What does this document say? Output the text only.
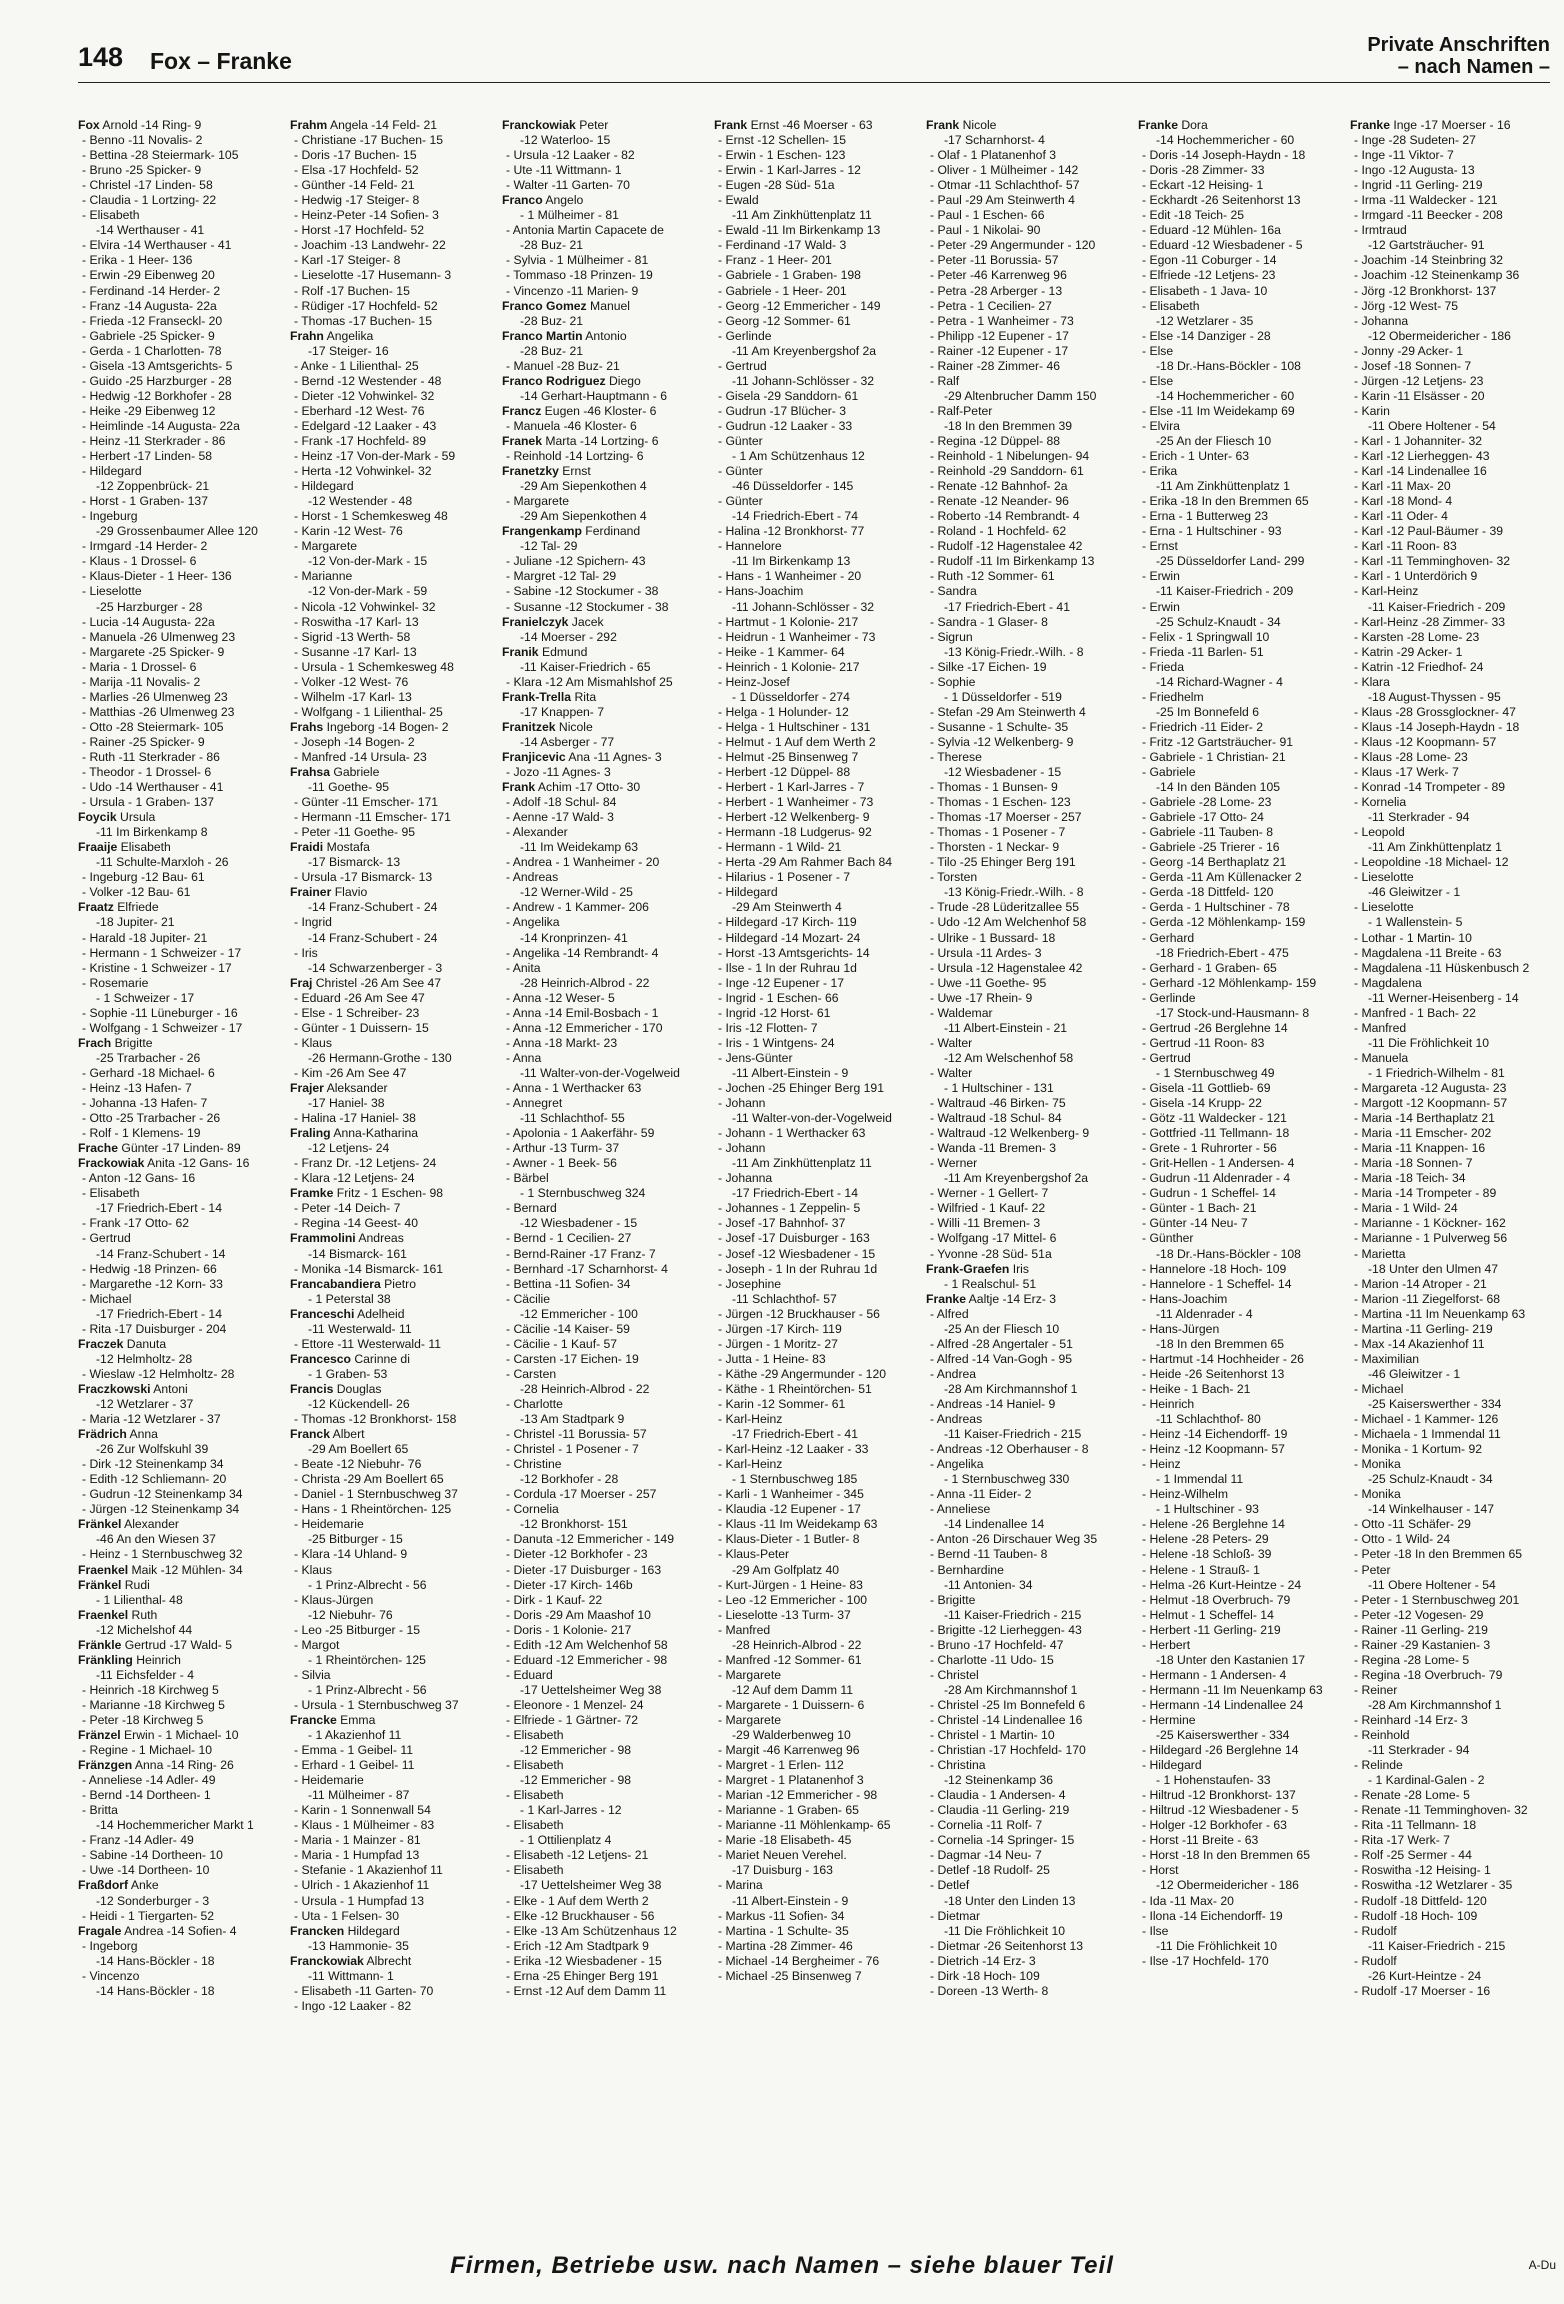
148 Fox – Franke
Private Anschriften
– nach Namen –
Fox Arnold -14 Ring- 9
- Benno -11 Novalis- 2
- Bettina -28 Steiermark- 105
- Bruno -25 Spicker- 9
- Christel -17 Linden- 58
- Claudia - 1 Lortzing- 22
- Elisabeth
-14 Werthauser - 41
- Elvira -14 Werthauser - 41
- Erika - 1 Heer- 136
- Erwin -29 Eibenweg 20
- Ferdinand -14 Herder- 2
- Franz -14 Augusta- 22a
- Frieda -12 Franseckl- 20
- Gabriele -25 Spicker- 9
- Gerda - 1 Charlotten- 78
- Gisela -13 Amtsgerichts- 5
- Guido -25 Harzburger - 28
- Hedwig -12 Borkhofer - 28
- Heike -29 Eibenweg 12
- Heimlinde -14 Augusta- 22a
- Heinz -11 Sterkrader - 86
- Herbert -17 Linden- 58
- Hildegard
-12 Zoppenbrück- 21
- Horst - 1 Graben- 137
- Ingeburg
-29 Grossenbaumer Allee 120
- Irmgard -14 Herder- 2
- Klaus - 1 Drossel- 6
- Klaus-Dieter - 1 Heer- 136
- Lieselotte
-25 Harzburger - 28
- Lucia -14 Augusta- 22a
- Manuela -26 Ulmenweg 23
- Margarete -25 Spicker- 9
- Maria - 1 Drossel- 6
- Marija -11 Novalis- 2
- Marlies -26 Ulmenweg 23
- Matthias -26 Ulmenweg 23
- Otto -28 Steiermark- 105
- Rainer -25 Spicker- 9
- Ruth -11 Sterkrader - 86
- Theodor - 1 Drossel- 6
- Udo -14 Werthauser - 41
- Ursula - 1 Graben- 137
Foycik Ursula
-11 Im Birkenkamp 8
Fraaije Elisabeth
-11 Schulte-Marxloh - 26
- Ingeburg -12 Bau- 61
- Volker -12 Bau- 61
Fraatz Elfriede
-18 Jupiter- 21
- Harald -18 Jupiter- 21
- Hermann - 1 Schweizer - 17
- Kristine - 1 Schweizer - 17
- Rosemarie
- 1 Schweizer - 17
- Sophie -11 Lüneburger - 16
- Wolfgang - 1 Schweizer - 17
Frach Brigitte
-25 Trarbacher - 26
- Gerhard -18 Michael- 6
- Heinz -13 Hafen- 7
- Johanna -13 Hafen- 7
- Otto -25 Trarbacher - 26
- Rolf - 1 Klemens- 19
Frache Günter -17 Linden- 89
Frackowiak Anita -12 Gans- 16
- Anton -12 Gans- 16
- Elisabeth
-17 Friedrich-Ebert - 14
- Frank -17 Otto- 62
- Gertrud
-14 Franz-Schubert - 14
- Hedwig -18 Prinzen- 66
- Margarethe -12 Korn- 33
- Michael
-17 Friedrich-Ebert - 14
- Rita -17 Duisburger - 204
Fraczek Danuta
-12 Helmholtz- 28
- Wieslaw -12 Helmholtz- 28
Fraczkowski Antoni
-12 Wetzlarer - 37
- Maria -12 Wetzlarer - 37
Frädrich Anna
-26 Zur Wolfskuhl 39
- Dirk -12 Steinenkamp 34
- Edith -12 Schliemann- 20
- Gudrun -12 Steinenkamp 34
- Jürgen -12 Steinenkamp 34
Fränkel Alexander
-46 An den Wiesen 37
- Heinz - 1 Sternbuschweg 32
Fraenkel Maik -12 Mühlen- 34
Fränkel Rudi
- 1 Lilienthal- 48
Fraenkel Ruth
-12 Michelshof 44
Fränkle Gertrud -17 Wald- 5
Fränkling Heinrich
-11 Eichsfelder - 4
- Heinrich -18 Kirchweg 5
- Marianne -18 Kirchweg 5
- Peter -18 Kirchweg 5
Fränzel Erwin - 1 Michael- 10
- Regine - 1 Michael- 10
Fränzgen Anna -14 Ring- 26
- Anneliese -14 Adler- 49
- Bernd -14 Dortheen- 1
- Britta
-14 Hochemmericher Markt 1
- Franz -14 Adler- 49
- Sabine -14 Dortheen- 10
- Uwe -14 Dortheen- 10
Fraßdorf Anke
-12 Sonderburger - 3
- Heidi - 1 Tiergarten- 52
Fragale Andrea -14 Sofien- 4
- Ingeborg
-14 Hans-Böckler - 18
- Vincenzo
-14 Hans-Böckler - 18
Frahm Angela -14 Feld- 21
- Christiane -17 Buchen- 15
- Doris -17 Buchen- 15
- Elsa -17 Hochfeld- 52
- Günther -14 Feld- 21
- Hedwig -17 Steiger- 8
- Heinz-Peter -14 Sofien- 3
- Horst -17 Hochfeld- 52
- Joachim -13 Landwehr- 22
- Karl -17 Steiger- 8
- Lieselotte -17 Husemann- 3
- Rolf -17 Buchen- 15
- Rüdiger -17 Hochfeld- 52
- Thomas -17 Buchen- 15
Frahn Angelika
-17 Steiger- 16
- Anke - 1 Lilienthal- 25
- Bernd -12 Westender - 48
- Dieter -12 Vohwinkel- 32
- Eberhard -12 West- 76
- Edelgard -12 Laaker - 43
- Frank -17 Hochfeld- 89
- Heinz -17 Von-der-Mark - 59
- Herta -12 Vohwinkel- 32
- Hildegard
-12 Westender - 48
- Horst - 1 Schemkesweg 48
- Karin -12 West- 76
- Margarete
-12 Von-der-Mark - 15
- Marianne
-12 Von-der-Mark - 59
- Nicola -12 Vohwinkel- 32
- Roswitha -17 Karl- 13
- Sigrid -13 Werth- 58
- Susanne -17 Karl- 13
- Ursula - 1 Schemkesweg 48
- Volker -12 West- 76
- Wilhelm -17 Karl- 13
- Wolfgang - 1 Lilienthal- 25
Frahs Ingeborg -14 Bogen- 2
- Joseph -14 Bogen- 2
- Manfred -14 Ursula- 23
Frahsa Gabriele
-11 Goethe- 95
- Günter -11 Emscher- 171
- Hermann -11 Emscher- 171
- Peter -11 Goethe- 95
Fraidi Mostafa
-17 Bismarck- 13
- Ursula -17 Bismarck- 13
Frainer Flavio
-14 Franz-Schubert - 24
- Ingrid
-14 Franz-Schubert - 24
- Iris
-14 Schwarzenberger - 3
Fraj Christel -26 Am See 47
- Eduard -26 Am See 47
- Else - 1 Schreiber- 23
- Günter - 1 Duissern- 15
- Klaus
-26 Hermann-Grothe - 130
- Kim -26 Am See 47
Frajer Aleksander
-17 Haniel- 38
- Halina -17 Haniel- 38
Fraling Anna-Katharina
-12 Letjens- 24
- Franz Dr. -12 Letjens- 24
- Klara -12 Letjens- 24
Framke Fritz - 1 Eschen- 98
- Peter -14 Deich- 7
- Regina -14 Geest- 40
Frammolini Andreas
-14 Bismarck- 161
- Monika -14 Bismarck- 161
Francabandiera Pietro
- 1 Peterstal 38
Franceschi Adelheid
-11 Westerwald- 11
- Ettore -11 Westerwald- 11
Francesco Carinne di
- 1 Graben- 53
Francis Douglas
-12 Kückendell- 26
- Thomas -12 Bronkhorst- 158
Franck Albert
-29 Am Boellert 65
- Beate -12 Niebuhr- 76
- Christa -29 Am Boellert 65
- Daniel - 1 Sternbuschweg 37
- Hans - 1 Rheintörchen- 125
- Heidemarie
-25 Bitburger - 15
- Klara -14 Uhland- 9
- Klaus
- 1 Prinz-Albrecht - 56
- Klaus-Jürgen
-12 Niebuhr- 76
- Leo -25 Bitburger - 15
- Margot
- 1 Rheintörchen- 125
- Silvia
- 1 Prinz-Albrecht - 56
- Ursula - 1 Sternbuschweg 37
Francke Emma
- 1 Akazienhof 11
- Emma - 1 Geibel- 11
- Erhard - 1 Geibel- 11
- Heidemarie
-11 Mülheimer - 87
- Karin - 1 Sonnenwall 54
- Klaus - 1 Mülheimer - 83
- Maria - 1 Mainzer - 81
- Maria - 1 Humpfad 13
- Stefanie - 1 Akazienhof 11
- Ulrich - 1 Akazienhof 11
- Ursula - 1 Humpfad 13
- Uta - 1 Felsen- 30
Francken Hildegard
-13 Hammonie- 35
Franckowiak Albrecht
-11 Wittmann- 1
- Elisabeth -11 Garten- 70
- Ingo -12 Laaker - 82
Franckowiak Peter
-12 Waterloo- 15
- Ursula -12 Laaker - 82
- Ute -11 Wittmann- 1
- Walter -11 Garten- 70
Franco Angelo
- 1 Mülheimer - 81
- Antonia Martin Capacete de
-28 Buz- 21
- Sylvia - 1 Mülheimer - 81
- Tommaso -18 Prinzen- 19
- Vincenzo -11 Marien- 9
Franco Gomez Manuel
-28 Buz- 21
Franco Martin Antonio
-28 Buz- 21
- Manuel -28 Buz- 21
Franco Rodriguez Diego
-14 Gerhart-Hauptmann - 6
Francz Eugen -46 Kloster- 6
- Manuela -46 Kloster- 6
Franek Marta -14 Lortzing- 6
- Reinhold -14 Lortzing- 6
Franetzky Ernst
-29 Am Siepenkothen 4
- Margarete
-29 Am Siepenkothen 4
Frangenkamp Ferdinand
-12 Tal- 29
- Juliane -12 Spichern- 43
- Margret -12 Tal- 29
- Sabine -12 Stockumer - 38
- Susanne -12 Stockumer - 38
Franielczyk Jacek
-14 Moerser - 292
Franik Edmund
-11 Kaiser-Friedrich - 65
- Klara -12 Am Mismahlshof 25
Frank-Trella Rita
-17 Knappen- 7
Franitzek Nicole
-14 Asberger - 77
Franjicevic Ana -11 Agnes- 3
- Jozo -11 Agnes- 3
Frank Achim -17 Otto- 30
- Adolf -18 Schul- 84
- Aenne -17 Wald- 3
- Alexander
-11 Im Weidekamp 63
- Andrea - 1 Wanheimer - 20
- Andreas
-12 Werner-Wild - 25
- Andrew - 1 Kammer- 206
- Angelika
-14 Kronprinzen- 41
- Angelika -14 Rembrandt- 4
- Anita
-28 Heinrich-Albrod - 22
- Anna -12 Weser- 5
- Anna -14 Emil-Bosbach - 1
- Anna -12 Emmericher - 170
- Anna -18 Markt- 23
- Anna
-11 Walter-von-der-Vogelweid
- Anna - 1 Werthacker 63
- Annegret
-11 Schlachthof- 55
- Apolonia - 1 Aakerfähr- 59
- Arthur -13 Turm- 37
- Awner - 1 Beek- 56
- Bärbel
- 1 Sternbuschweg 324
- Bernard
-12 Wiesbadener - 15
- Bernd - 1 Cecilien- 27
- Bernd-Rainer -17 Franz- 7
- Bernhard -17 Scharnhorst- 4
- Bettina -11 Sofien- 34
- Cäcilie
-12 Emmericher - 100
- Cäcilie -14 Kaiser- 59
- Cäcilie - 1 Kauf- 57
- Carsten -17 Eichen- 19
- Carsten
-28 Heinrich-Albrod - 22
- Charlotte
-13 Am Stadtpark 9
- Christel -11 Borussia- 57
- Christel - 1 Posener - 7
- Christine
-12 Borkhofer - 28
- Cordula -17 Moerser - 257
- Cornelia
-12 Bronkhorst- 151
- Danuta -12 Emmericher - 149
- Dieter -12 Borkhofer - 23
- Dieter -17 Duisburger - 163
- Dieter -17 Kirch- 146b
- Dirk - 1 Kauf- 22
- Doris -29 Am Maashof 10
- Doris - 1 Kolonie- 217
- Edith -12 Am Welchenhof 58
- Eduard -12 Emmericher - 98
- Eduard
-17 Uettelsheimer Weg 38
- Eleonore - 1 Menzel- 24
- Elfriede - 1 Gärtner- 72
- Elisabeth
-12 Emmericher - 98
- Elisabeth
-12 Emmericher - 98
- Elisabeth
- 1 Karl-Jarres - 12
- Elisabeth
- 1 Ottilienplatz 4
- Elisabeth -12 Letjens- 21
- Elisabeth
-17 Uettelsheimer Weg 38
- Elke - 1 Auf dem Werth 2
- Elke -12 Bruckhauser - 56
- Elke -13 Am Schützenhaus 12
- Erich -12 Am Stadtpark 9
- Erika -12 Wiesbadener - 15
- Erna -25 Ehinger Berg 191
- Ernst -12 Auf dem Damm 11
Frank Ernst -46 Moerser - 63
- Ernst -12 Schellen- 15
- Erwin - 1 Eschen- 123
- Erwin - 1 Karl-Jarres - 12
- Eugen -28 Süd- 51a
- Ewald
-11 Am Zinkhüttenplatz 11
- Ewald -11 Im Birkenkamp 13
- Ferdinand -17 Wald- 3
- Franz - 1 Heer- 201
- Gabriele - 1 Graben- 198
- Gabriele - 1 Heer- 201
- Georg -12 Emmericher - 149
- Georg -12 Sommer- 61
- Gerlinde
-11 Am Kreyenbergshof 2a
- Gertrud
-11 Johann-Schlösser - 32
- Gisela -29 Sanddorn- 61
- Gudrun -17 Blücher- 3
- Gudrun -12 Laaker - 33
- Günter
- 1 Am Schützenhaus 12
- Günter
-46 Düsseldorfer - 145
- Günter
-14 Friedrich-Ebert - 74
- Halina -12 Bronkhorst- 77
- Hannelore
-11 Im Birkenkamp 13
- Hans - 1 Wanheimer - 20
- Hans-Joachim
-11 Johann-Schlösser - 32
- Hartmut - 1 Kolonie- 217
- Heidrun - 1 Wanheimer - 73
- Heike - 1 Kammer- 64
- Heinrich - 1 Kolonie- 217
- Heinz-Josef
- 1 Düsseldorfer - 274
- Helga - 1 Holunder- 12
- Helga - 1 Hultschiner - 131
- Helmut - 1 Auf dem Werth 2
- Helmut -25 Binsenweg 7
- Herbert -12 Düppel- 88
- Herbert - 1 Karl-Jarres - 7
- Herbert - 1 Wanheimer - 73
- Herbert -12 Welkenberg- 9
- Hermann -18 Ludgerus- 92
- Hermann - 1 Wild- 21
- Herta -29 Am Rahmer Bach 84
- Hilarius - 1 Posener - 7
- Hildegard
-29 Am Steinwerth 4
- Hildegard -17 Kirch- 119
- Hildegard -14 Mozart- 24
- Horst -13 Amtsgerichts- 14
- Ilse - 1 In der Ruhrau 1d
- Inge -12 Eupener - 17
- Ingrid - 1 Eschen- 66
- Ingrid -12 Horst- 61
- Iris -12 Flotten- 7
- Iris - 1 Wintgens- 24
- Jens-Günter
-11 Albert-Einstein - 9
- Jochen -25 Ehinger Berg 191
- Johann
-11 Walter-von-der-Vogelweid
- Johann - 1 Werthacker 63
- Johann
-11 Am Zinkhüttenplatz 11
- Johanna
-17 Friedrich-Ebert - 14
- Johannes - 1 Zeppelin- 5
- Josef -17 Bahnhof- 37
- Josef -17 Duisburger - 163
- Josef -12 Wiesbadener - 15
- Joseph - 1 In der Ruhrau 1d
- Josephine
-11 Schlachthof- 57
- Jürgen -12 Bruckhauser - 56
- Jürgen -17 Kirch- 119
- Jürgen - 1 Moritz- 27
- Jutta - 1 Heine- 83
- Käthe -29 Angermunder - 120
- Käthe - 1 Rheintörchen- 51
- Karin -12 Sommer- 61
- Karl-Heinz
-17 Friedrich-Ebert - 41
- Karl-Heinz -12 Laaker - 33
- Karl-Heinz
- 1 Sternbuschweg 185
- Karli - 1 Wanheimer - 345
- Klaudia -12 Eupener - 17
- Klaus -11 Im Weidekamp 63
- Klaus-Dieter - 1 Butler- 8
- Klaus-Peter
-29 Am Golfplatz 40
- Kurt-Jürgen - 1 Heine- 83
- Leo -12 Emmericher - 100
- Lieselotte -13 Turm- 37
- Manfred
-28 Heinrich-Albrod - 22
- Manfred -12 Sommer- 61
- Margarete
-12 Auf dem Damm 11
- Margarete - 1 Duissern- 6
- Margarete
-29 Walderbenweg 10
- Margit -46 Karrenweg 96
- Margret - 1 Erlen- 112
- Margret - 1 Platanenhof 3
- Marian -12 Emmericher - 98
- Marianne - 1 Graben- 65
- Marianne -11 Möhlenkamp- 65
- Marie -18 Elisabeth- 45
- Mariet Neuen Verehel.
-17 Duisburg - 163
- Marina
-11 Albert-Einstein - 9
- Markus -11 Sofien- 34
- Martina - 1 Schulte- 35
- Martina -28 Zimmer- 46
- Michael -14 Bergheimer - 76
- Michael -25 Binsenweg 7
Frank Nicole
-17 Scharnhorst- 4
- Olaf - 1 Platanenhof 3
- Oliver - 1 Mülheimer - 142
- Otmar -11 Schlachthof- 57
- Paul -29 Am Steinwerth 4
- Paul - 1 Eschen- 66
- Paul - 1 Nikolai- 90
- Peter -29 Angermunder - 120
- Peter -11 Borussia- 57
- Peter -46 Karrenweg 96
- Petra -28 Arberger - 13
- Petra - 1 Cecilien- 27
- Petra - 1 Wanheimer - 73
- Philipp -12 Eupener - 17
- Rainer -12 Eupener - 17
- Rainer -28 Zimmer- 46
- Ralf
-29 Altenbrucher Damm 150
- Ralf-Peter
-18 In den Bremmen 39
- Regina -12 Düppel- 88
- Reinhold - 1 Nibelungen- 94
- Reinhold -29 Sanddorn- 61
- Renate -12 Bahnhof- 2a
- Renate -12 Neander- 96
- Roberto -14 Rembrandt- 4
- Roland - 1 Hochfeld- 62
- Rudolf -12 Hagenstalee 42
- Rudolf -11 Im Birkenkamp 13
- Ruth -12 Sommer- 61
- Sandra
-17 Friedrich-Ebert - 41
- Sandra - 1 Glaser- 8
- Sigrun
-13 König-Friedr.-Wilh. - 8
- Silke -17 Eichen- 19
- Sophie
- 1 Düsseldorfer - 519
- Stefan -29 Am Steinwerth 4
- Susanne - 1 Schulte- 35
- Sylvia -12 Welkenberg- 9
- Therese
-12 Wiesbadener - 15
- Thomas - 1 Bunsen- 9
- Thomas - 1 Eschen- 123
- Thomas -17 Moerser - 257
- Thomas - 1 Posener - 7
- Thorsten - 1 Neckar- 9
- Tilo -25 Ehinger Berg 191
- Torsten
-13 König-Friedr.-Wilh. - 8
- Trude -28 Lüderitzallee 55
- Udo -12 Am Welchenhof 58
- Ulrike - 1 Bussard- 18
- Ursula -11 Ardes- 3
- Ursula -12 Hagenstalee 42
- Uwe -11 Goethe- 95
- Uwe -17 Rhein- 9
- Waldemar
-11 Albert-Einstein - 21
- Walter
-12 Am Welschenhof 58
- Walter
- 1 Hultschiner - 131
- Waltraud -46 Birken- 75
- Waltraud -18 Schul- 84
- Waltraud -12 Welkenberg- 9
- Wanda -11 Bremen- 3
- Werner
-11 Am Kreyenbergshof 2a
- Werner - 1 Gellert- 7
- Wilfried - 1 Kauf- 22
- Willi -11 Bremen- 3
- Wolfgang -17 Mittel- 6
- Yvonne -28 Süd- 51a
Frank-Graefen Iris
- 1 Realschul- 51
Franke Aaltje -14 Erz- 3
- Alfred
-25 An der Fliesch 10
- Alfred -28 Angertaler - 51
- Alfred -14 Van-Gogh - 95
- Andrea
-28 Am Kirchmannshof 1
- Andreas -14 Haniel- 9
- Andreas
-11 Kaiser-Friedrich - 215
- Andreas -12 Oberhauser - 8
- Angelika
- 1 Sternbuschweg 330
- Anna -11 Eider- 2
- Anneliese
-14 Lindenallee 14
- Anton -26 Dirschauer Weg 35
- Bernd -11 Tauben- 8
- Bernhardine
-11 Antonien- 34
- Brigitte
-11 Kaiser-Friedrich - 215
- Brigitte -12 Lierheggen- 43
- Bruno -17 Hochfeld- 47
- Charlotte -11 Udo- 15
- Christel
-28 Am Kirchmannshof 1
- Christel -25 Im Bonnefeld 6
- Christel -14 Lindenallee 16
- Christel - 1 Martin- 10
- Christian -17 Hochfeld- 170
- Christina
-12 Steinenkamp 36
- Claudia - 1 Andersen- 4
- Claudia -11 Gerling- 219
- Cornelia -11 Rolf- 7
- Cornelia -14 Springer- 15
- Dagmar -14 Neu- 7
- Detlef -18 Rudolf- 25
- Detlef
-18 Unter den Linden 13
- Dietmar
-11 Die Fröhlichkeit 10
- Dietmar -26 Seitenhorst 13
- Dietrich -14 Erz- 3
- Dirk -18 Hoch- 109
- Doreen -13 Werth- 8
Franke Dora
-14 Hochemmericher - 60
- Doris -14 Joseph-Haydn - 18
- Doris -28 Zimmer- 33
- Eckart -12 Heising- 1
- Eckhardt -26 Seitenhorst 13
- Edit -18 Teich- 25
- Eduard -12 Mühlen- 16a
- Eduard -12 Wiesbadener - 5
- Egon -11 Coburger - 14
- Elfriede -12 Letjens- 23
- Elisabeth - 1 Java- 10
- Elisabeth
-12 Wetzlarer - 35
- Else -14 Danziger - 28
- Else
-18 Dr.-Hans-Böckler - 108
- Else
-14 Hochemmericher - 60
- Else -11 Im Weidekamp 69
- Elvira
-25 An der Fliesch 10
- Erich - 1 Unter- 63
- Erika
-11 Am Zinkhüttenplatz 1
- Erika -18 In den Bremmen 65
- Erna - 1 Butterweg 23
- Erna - 1 Hultschiner - 93
- Ernst
-25 Düsseldorfer Land- 299
- Erwin
-11 Kaiser-Friedrich - 209
- Erwin
-25 Schulz-Knaudt - 34
- Felix - 1 Springwall 10
- Frieda -11 Barlen- 51
- Frieda
-14 Richard-Wagner - 4
- Friedhelm
-25 Im Bonnefeld 6
- Friedrich -11 Eider- 2
- Fritz -12 Gartsträucher- 91
- Gabriele - 1 Christian- 21
- Gabriele
-14 In den Bänden 105
- Gabriele -28 Lome- 23
- Gabriele -17 Otto- 24
- Gabriele -11 Tauben- 8
- Gabriele -25 Trierer - 16
- Georg -14 Berthaplatz 21
- Gerda -11 Am Küllenacker 2
- Gerda -18 Dittfeld- 120
- Gerda - 1 Hultschiner - 78
- Gerda -12 Möhlenkamp- 159
- Gerhard
-18 Friedrich-Ebert - 475
- Gerhard - 1 Graben- 65
- Gerhard -12 Möhlenkamp- 159
- Gerlinde
-17 Stock-und-Hausmann- 8
- Gertrud -26 Berglehne 14
- Gertrud -11 Roon- 83
- Gertrud
- 1 Sternbuschweg 49
- Gisela -11 Gottlieb- 69
- Gisela -14 Krupp- 22
- Götz -11 Waldecker - 121
- Gottfried -11 Tellmann- 18
- Grete - 1 Ruhrorter - 56
- Grit-Hellen - 1 Andersen- 4
- Gudrun -11 Aldenrader - 4
- Gudrun - 1 Scheffel- 14
- Günter - 1 Bach- 21
- Günter -14 Neu- 7
- Günther
-18 Dr.-Hans-Böckler - 108
- Hannelore -18 Hoch- 109
- Hannelore - 1 Scheffel- 14
- Hans-Joachim
-11 Aldenrader - 4
- Hans-Jürgen
-18 In den Bremmen 65
- Hartmut -14 Hochheider - 26
- Heide -26 Seitenhorst 13
- Heike - 1 Bach- 21
- Heinrich
-11 Schlachthof- 80
- Heinz -14 Eichendorff- 19
- Heinz -12 Koopmann- 57
- Heinz
- 1 Immendal 11
- Heinz-Wilhelm
- 1 Hultschiner - 93
- Helene -26 Berglehne 14
- Helene -28 Peters- 29
- Helene -18 Schloß- 39
- Helene - 1 Strauß- 1
- Helma -26 Kurt-Heintze - 24
- Helmut -18 Overbruch- 79
- Helmut - 1 Scheffel- 14
- Herbert -11 Gerling- 219
- Herbert
-18 Unter den Kastanien 17
- Hermann - 1 Andersen- 4
- Hermann -11 Im Neuenkamp 63
- Hermann -14 Lindenallee 24
- Hermine
-25 Kaiserswerther - 334
- Hildegard -26 Berglehne 14
- Hildegard
- 1 Hohenstaufen- 33
- Hiltrud -12 Bronkhorst- 137
- Hiltrud -12 Wiesbadener - 5
- Holger -12 Borkhofer - 63
- Horst -11 Breite - 63
- Horst -18 In den Bremmen 65
- Horst
-12 Obermeidericher - 186
- Ida -11 Max- 20
- Ilona -14 Eichendorff- 19
- Ilse
-11 Die Fröhlichkeit 10
- Ilse -17 Hochfeld- 170
Franke Inge -17 Moerser - 16
- Inge -28 Sudeten- 27
- Inge -11 Viktor- 7
- Ingo -12 Augusta- 13
- Ingrid -11 Gerling- 219
- Irma -11 Waldecker - 121
- Irmgard -11 Beecker - 208
- Irmtraud
-12 Gartsträucher- 91
- Joachim -14 Steinbring 32
- Joachim -12 Steinenkamp 36
- Jörg -12 Bronkhorst- 137
- Jörg -12 West- 75
- Johanna
-12 Obermeidericher - 186
- Jonny -29 Acker- 1
- Josef -18 Sonnen- 7
- Jürgen -12 Letjens- 23
- Karin -11 Elsässer - 20
- Karin
-11 Obere Holtener - 54
- Karl - 1 Johanniter- 32
- Karl -12 Lierheggen- 43
- Karl -14 Lindenallee 16
- Karl -11 Max- 20
- Karl -18 Mond- 4
- Karl -11 Oder- 4
- Karl -12 Paul-Bäumer - 39
- Karl -11 Roon- 83
- Karl -11 Temminghoven- 32
- Karl - 1 Unterdörich 9
- Karl-Heinz
-11 Kaiser-Friedrich - 209
- Karl-Heinz -28 Zimmer- 33
- Karsten -28 Lome- 23
- Katrin -29 Acker- 1
- Katrin -12 Friedhof- 24
- Klara
-18 August-Thyssen - 95
- Klaus -28 Grossglockner- 47
- Klaus -14 Joseph-Haydn - 18
- Klaus -12 Koopmann- 57
- Klaus -28 Lome- 23
- Klaus -17 Werk- 7
- Konrad -14 Trompeter - 89
- Kornelia
-11 Sterkrader - 94
- Leopold
-11 Am Zinkhüttenplatz 1
- Leopoldine -18 Michael- 12
- Lieselotte
-46 Gleiwitzer - 1
- Lieselotte
- 1 Wallenstein- 5
- Lothar - 1 Martin- 10
- Magdalena -11 Breite - 63
- Magdalena -11 Hüskenbusch 2
- Magdalena
-11 Werner-Heisenberg - 14
- Manfred - 1 Bach- 22
- Manfred
-11 Die Fröhlichkeit 10
- Manuela
- 1 Friedrich-Wilhelm - 81
- Margareta -12 Augusta- 23
- Margott -12 Koopmann- 57
- Maria -14 Berthaplatz 21
- Maria -11 Emscher- 202
- Maria -11 Knappen- 16
- Maria -18 Sonnen- 7
- Maria -18 Teich- 34
- Maria -14 Trompeter - 89
- Maria - 1 Wild- 24
- Marianne - 1 Köckner- 162
- Marianne - 1 Pulverweg 56
- Marietta
-18 Unter den Ulmen 47
- Marion -14 Atroper - 21
- Marion -11 Ziegelforst- 68
- Martina -11 Im Neuenkamp 63
- Martina -11 Gerling- 219
- Max -14 Akazienhof 11
- Maximilian
-46 Gleiwitzer - 1
- Michael
-25 Kaiserswerther - 334
- Michael - 1 Kammer- 126
- Michaela - 1 Immendal 11
- Monika - 1 Kortum- 92
- Monika
-25 Schulz-Knaudt - 34
- Monika
-14 Winkelhauser - 147
- Otto -11 Schäfer- 29
- Otto - 1 Wild- 24
- Peter -18 In den Bremmen 65
- Peter
-11 Obere Holtener - 54
- Peter - 1 Sternbuschweg 201
- Peter -12 Vogesen- 29
- Rainer -11 Gerling- 219
- Rainer -29 Kastanien- 3
- Regina -28 Lome- 5
- Regina -18 Overbruch- 79
- Reiner
-28 Am Kirchmannshof 1
- Reinhard -14 Erz- 3
- Reinhold
-11 Sterkrader - 94
- Relinde
- 1 Kardinal-Galen - 2
- Renate -28 Lome- 5
- Renate -11 Temminghoven- 32
- Rita -11 Tellmann- 18
- Rita -17 Werk- 7
- Rolf -25 Sermer - 44
- Roswitha -12 Heising- 1
- Roswitha -12 Wetzlarer - 35
- Rudolf -18 Dittfeld- 120
- Rudolf -18 Hoch- 109
- Rudolf
-11 Kaiser-Friedrich - 215
- Rudolf
-26 Kurt-Heintze - 24
- Rudolf -17 Moerser - 16
Firmen, Betriebe usw. nach Namen – siehe blauer Teil	A-Du
